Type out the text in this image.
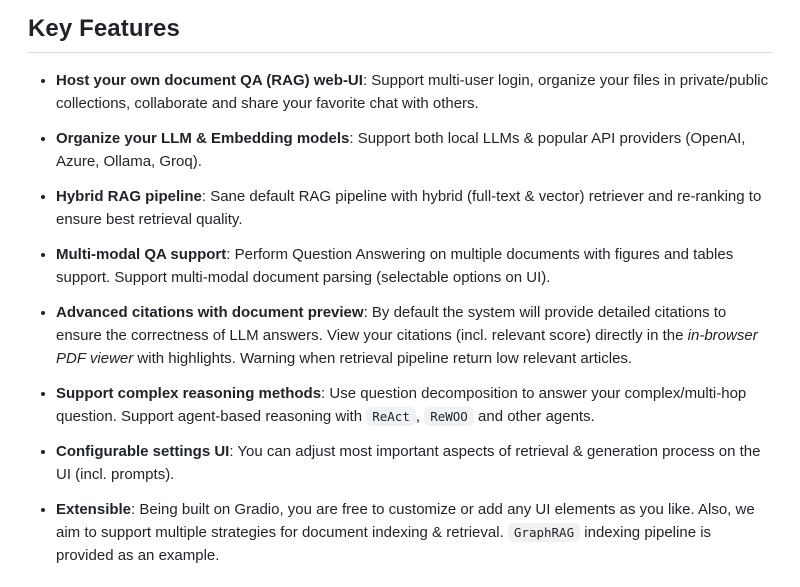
Key Features
• Host your own document QA (RAG) web-UI: Support multi-user login, organize your files in private/public collections, collaborate and share your favorite chat with others.
• Organize your LLM & Embedding models: Support both local LLMs & popular API providers (OpenAI, Azure, Ollama, Groq).
• Hybrid RAG pipeline: Sane default RAG pipeline with hybrid (full-text & vector) retriever and re-ranking to ensure best retrieval quality.
• Multi-modal QA support: Perform Question Answering on multiple documents with figures and tables support. Support multi-modal document parsing (selectable options on UI).
• Advanced citations with document preview: By default the system will provide detailed citations to ensure the correctness of LLM answers. View your citations (incl. relevant score) directly in the in-browser PDF viewer with highlights. Warning when retrieval pipeline return low relevant articles.
• Support complex reasoning methods: Use question decomposition to answer your complex/multi-hop question. Support agent-based reasoning with ReAct , ReWOO and other agents.
• Configurable settings UI: You can adjust most important aspects of retrieval & generation process on the UI (incl. prompts).
• Extensible: Being built on Gradio, you are free to customize or add any UI elements as you like. Also, we aim to support multiple strategies for document indexing & retrieval. GraphRAG indexing pipeline is provided as an example.
